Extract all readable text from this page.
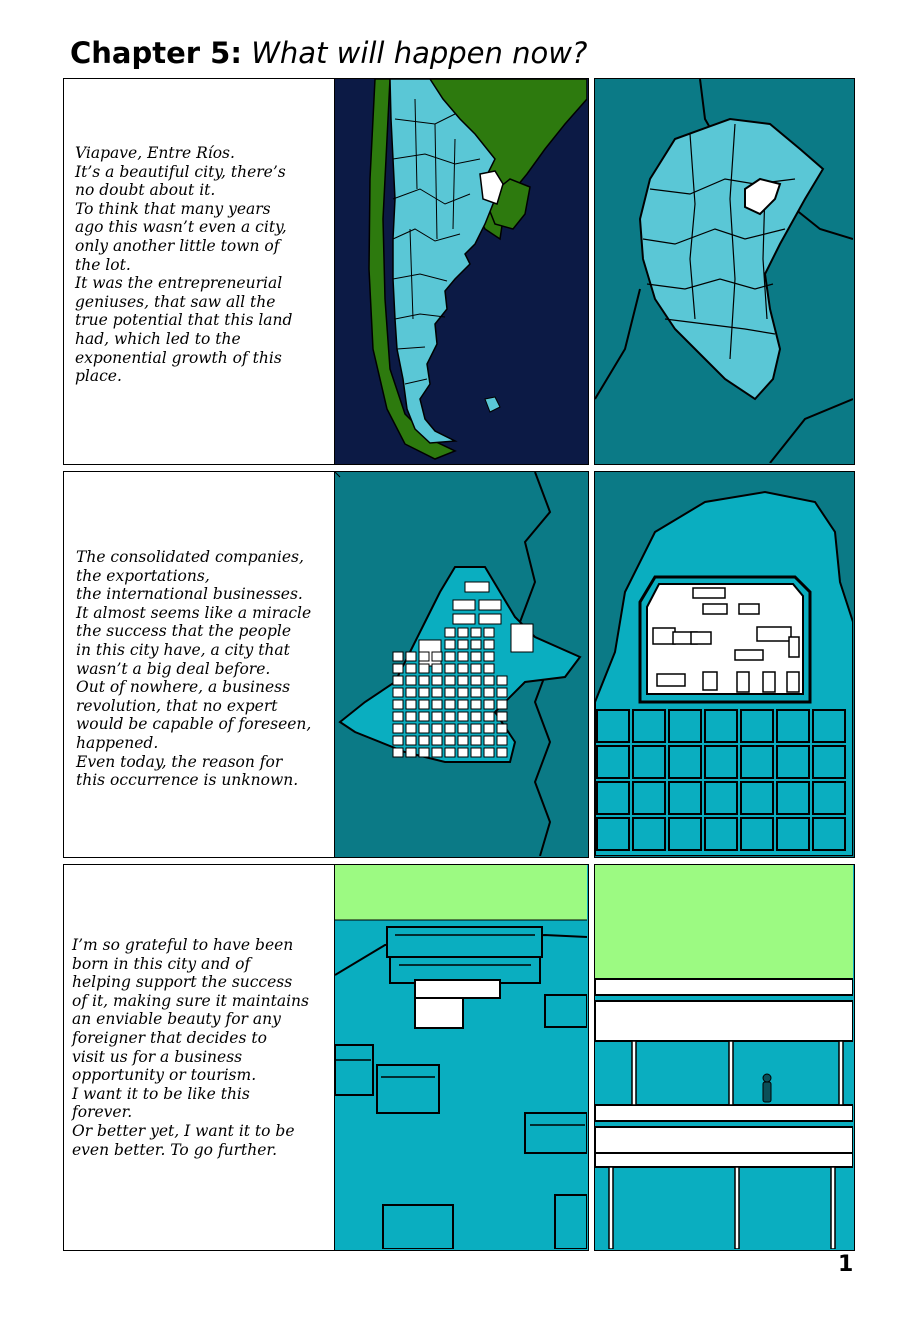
Chapter 5: What will happen now?
Viapave, Entre Ríos.
It’s a beautiful city, there’s
no doubt about it.
To think that many years
ago this wasn’t even a city,
only another little town of
the lot.
It was the entrepreneurial
geniuses, that saw all the
true potential that this land
had, which led to the
exponential growth of this
place.
The consolidated companies,
the exportations,
the international businesses.
It almost seems like a miracle
the success that the people
in this city have, a city that
wasn’t a big deal before.
Out of nowhere, a business
revolution, that no expert
would be capable of foreseen,
happened.
Even today, the reason for
this occurrence is unknown.
I’m so grateful to have been
born in this city and of
helping support the success
of it, making sure it maintains
an enviable beauty for any
foreigner that decides to
visit us for a business
opportunity or tourism.
I want it to be like this
forever.
Or better yet, I want it to be
even better. To go further.
1
